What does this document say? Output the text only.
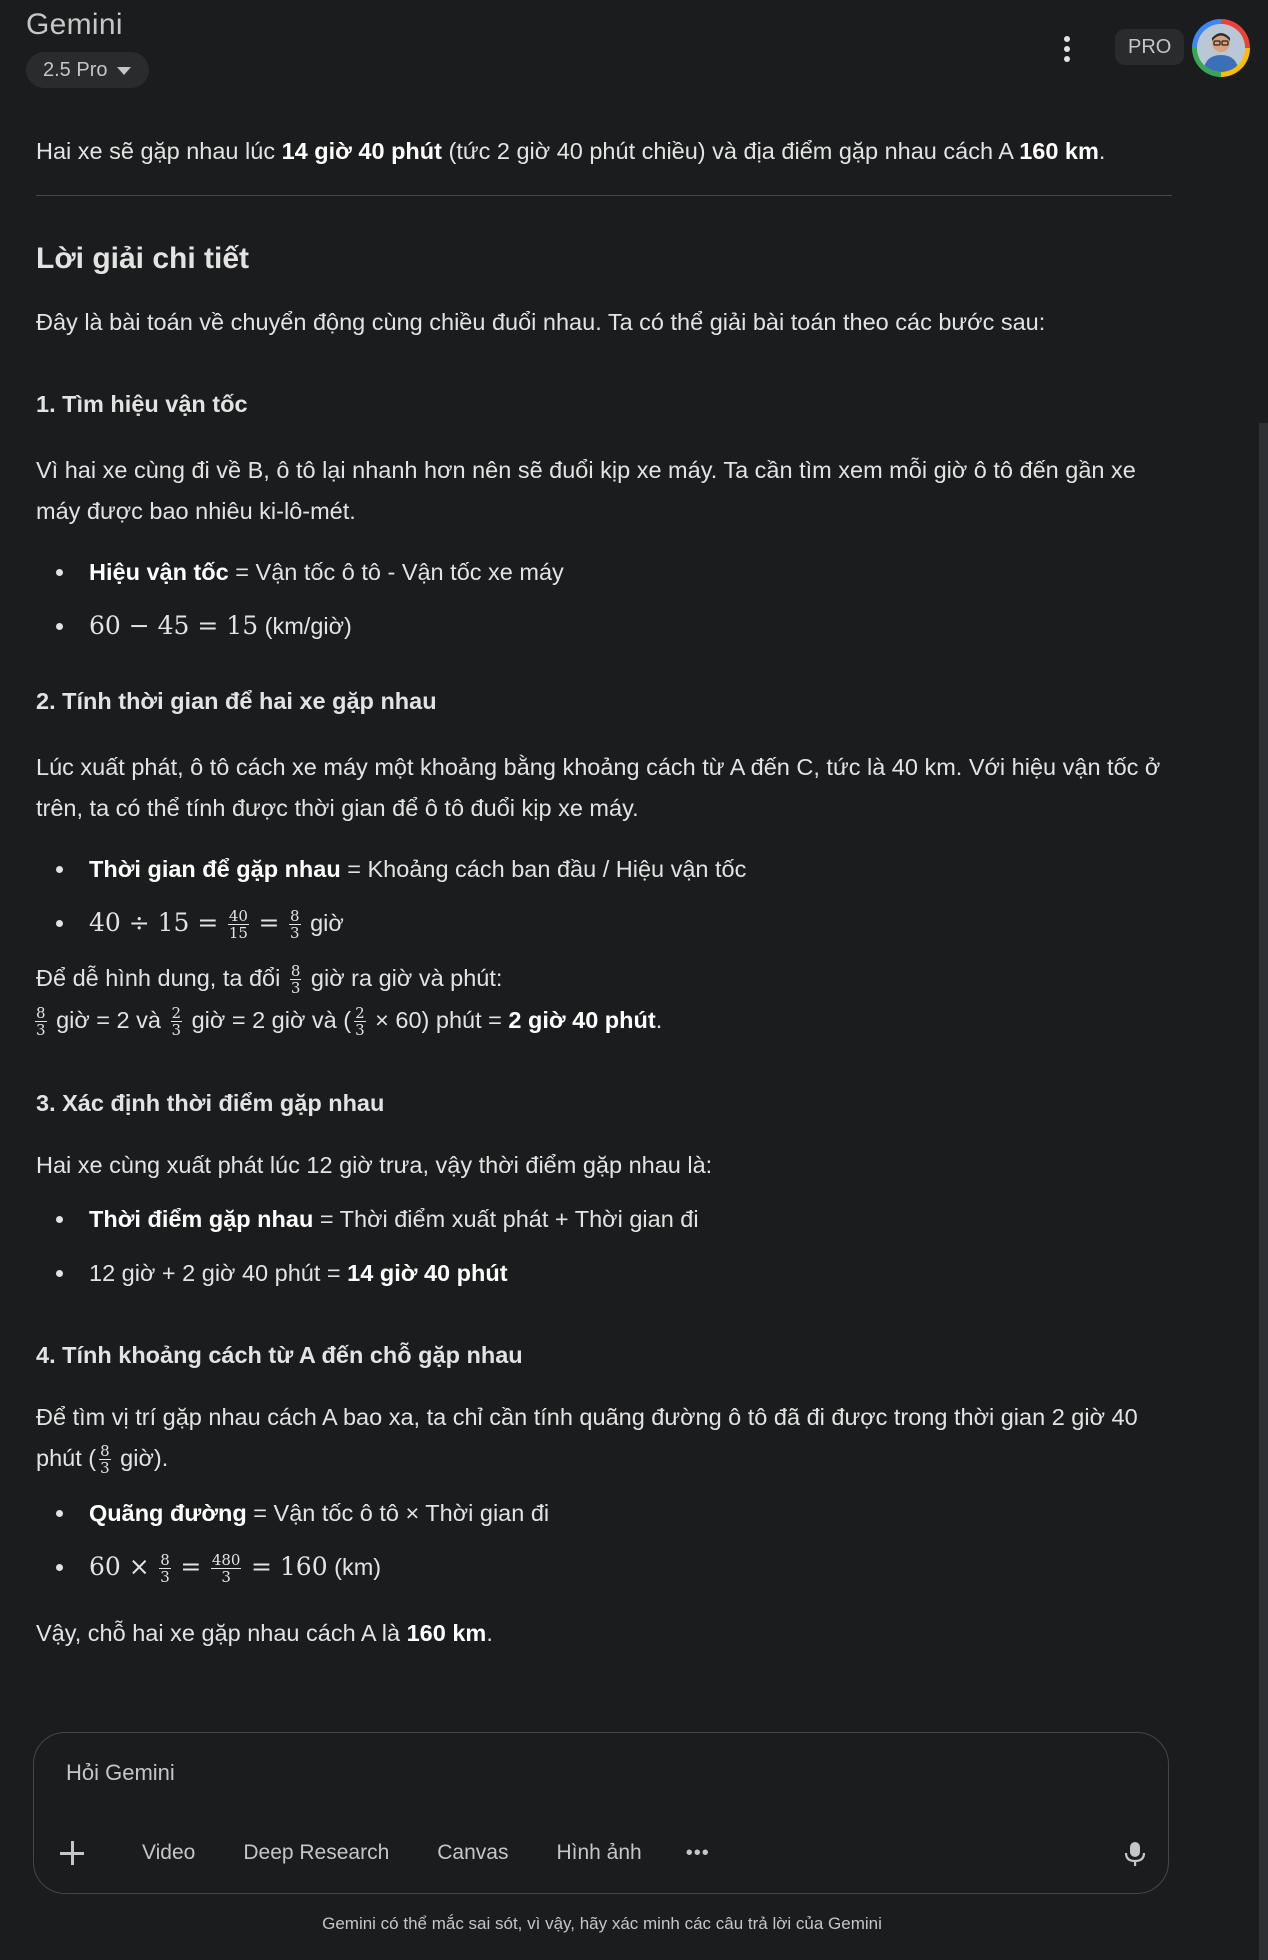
Gemini
2.5 Pro
PRO

Hai xe sẽ gặp nhau lúc 14 giờ 40 phút (tức 2 giờ 40 phút chiều) và địa điểm gặp nhau cách A 160 km.

Lời giải chi tiết

Đây là bài toán về chuyển động cùng chiều đuổi nhau. Ta có thể giải bài toán theo các bước sau:

1. Tìm hiệu vận tốc

Vì hai xe cùng đi về B, ô tô lại nhanh hơn nên sẽ đuổi kịp xe máy. Ta cần tìm xem mỗi giờ ô tô đến gần xe máy được bao nhiêu ki-lô-mét.

Hiệu vận tốc = Vận tốc ô tô - Vận tốc xe máy
60 − 45 = 15 (km/giờ)
2. Tính thời gian để hai xe gặp nhau

Lúc xuất phát, ô tô cách xe máy một khoảng bằng khoảng cách từ A đến C, tức là 40 km. Với hiệu vận tốc ở trên, ta có thể tính được thời gian để ô tô đuổi kịp xe máy.

Thời gian để gặp nhau = Khoảng cách ban đầu / Hiệu vận tốc
$40 \div 15 = \frac{40}{15} = \frac{8}{3}$ giờ

Để dễ hình dung, ta đổi $\frac{8}{3}$ giờ ra giờ và phút:

$\frac{8}{3}$ giờ = 2 và $\frac{2}{3}$ giờ = 2 giờ và ( $\frac{2}{3} \times 60$) phút = 2 giờ 40 phút.

3. Xác định thời điểm gặp nhau

Hai xe cùng xuất phát lúc 12 giờ trưa, vậy thời điểm gặp nhau là:

Thời điểm gặp nhau = Thời điểm xuất phát + Thời gian đi
12 giờ + 2 giờ 40 phút = 14 giờ 40 phút
4. Tính khoảng cách từ A đến chỗ gặp nhau

Để tìm vị trí gặp nhau cách A bao xa, ta chỉ cần tính quãng đường ô tô đã đi được trong thời gian 2 giờ 40 phút ( $\frac{8}{3}$ giờ).

Quãng đường = Vận tốc ô tô × Thời gian đi
$60 \times \frac{8}{3} = \frac{480}{3} = 160$ (km)

Vậy, chỗ hai xe gặp nhau cách A là 160 km.

Hỏi Gemini
Video	Deep Research	Canvas	Hình ảnh	•••
Gemini có thể mắc sai sót, vì vậy, hãy xác minh các câu trả lời của Gemini
